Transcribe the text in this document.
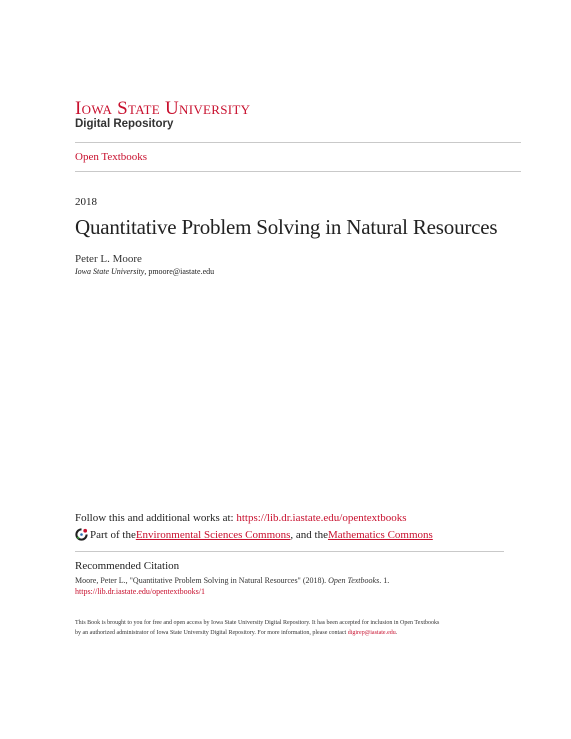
Iowa State University
Digital Repository
Open Textbooks
2018
Quantitative Problem Solving in Natural Resources
Peter L. Moore
Iowa State University, pmoore@iastate.edu
Follow this and additional works at: https://lib.dr.iastate.edu/opentextbooks
Part of the Environmental Sciences Commons , and the Mathematics Commons
Recommended Citation
Moore, Peter L., "Quantitative Problem Solving in Natural Resources" (2018). Open Textbooks. 1.
https://lib.dr.iastate.edu/opentextbooks/1
This Book is brought to you for free and open access by Iowa State University Digital Repository. It has been accepted for inclusion in Open Textbooks
by an authorized administrator of Iowa State University Digital Repository. For more information, please contact digirep@iastate.edu.
